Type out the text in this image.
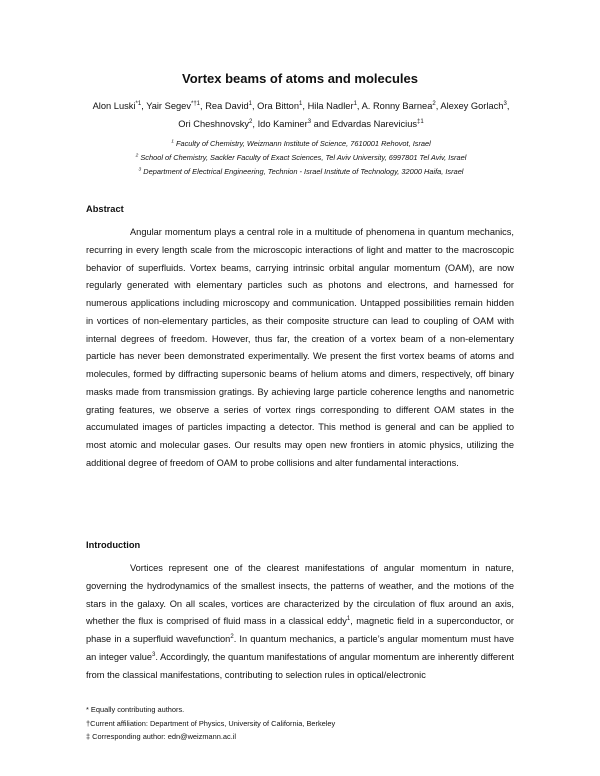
Vortex beams of atoms and molecules
Alon Luski$^{*1}$, Yair Segev$^{*\dagger 1}$, Rea David$^1$, Ora Bitton$^1$, Hila Nadler$^1$, A. Ronny Barnea$^2$, Alexey Gorlach$^3$, Ori Cheshnovsky$^2$, Ido Kaminer$^3$ and Edvardas Narevicius$^{\ddagger 1}$
$^1$ Faculty of Chemistry, Weizmann Institute of Science, 7610001 Rehovot, Israel
$^2$ School of Chemistry, Sackler Faculty of Exact Sciences, Tel Aviv University, 6997801 Tel Aviv, Israel
$^3$ Department of Electrical Engineering, Technion - Israel Institute of Technology, 32000 Haifa, Israel
Abstract

Angular momentum plays a central role in a multitude of phenomena in quantum mechanics, recurring in every length scale from the microscopic interactions of light and matter to the macroscopic behavior of superfluids. Vortex beams, carrying intrinsic orbital angular momentum (OAM), are now regularly generated with elementary particles such as photons and electrons, and harnessed for numerous applications including microscopy and communication. Untapped possibilities remain hidden in vortices of non-elementary particles, as their composite structure can lead to coupling of OAM with internal degrees of freedom. However, thus far, the creation of a vortex beam of a non-elementary particle has never been demonstrated experimentally. We present the first vortex beams of atoms and molecules, formed by diffracting supersonic beams of helium atoms and dimers, respectively, off binary masks made from transmission gratings. By achieving large particle coherence lengths and nanometric grating features, we observe a series of vortex rings corresponding to different OAM states in the accumulated images of particles impacting a detector. This method is general and can be applied to most atomic and molecular gases. Our results may open new frontiers in atomic physics, utilizing the additional degree of freedom of OAM to probe collisions and alter fundamental interactions.

Introduction

Vortices represent one of the clearest manifestations of angular momentum in nature, governing the hydrodynamics of the smallest insects, the patterns of weather, and the motions of the stars in the galaxy. On all scales, vortices are characterized by the circulation of flux around an axis, whether the flux is comprised of fluid mass in a classical eddy$^1$, magnetic field in a superconductor, or phase in a superfluid wavefunction$^2$. In quantum mechanics, a particle’s angular momentum must have an integer value$^3$. Accordingly, the quantum manifestations of angular momentum are inherently different from the classical manifestations, contributing to selection rules in optical/electronic

* Equally contributing authors.
†Current affiliation: Department of Physics, University of California, Berkeley
‡ Corresponding author: edn@weizmann.ac.il
